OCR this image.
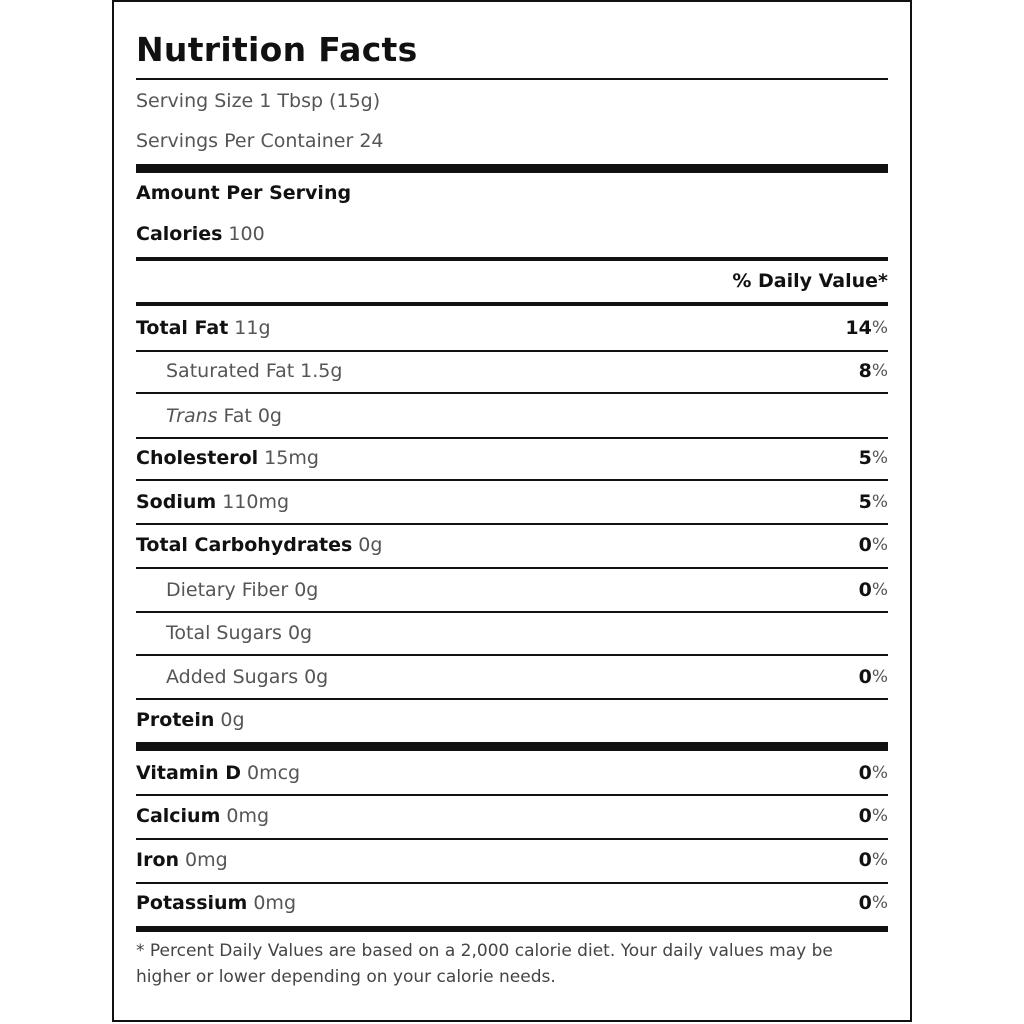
Nutrition Facts
Serving Size 1 Tbsp (15g)
Servings Per Container 24
Amount Per Serving
Calories 100
% Daily Value*
Total Fat 11g	14 %
Saturated Fat 1.5g	8 %
Trans Fat 0g
Cholesterol 15mg	5 %
Sodium 110mg	5 %
Total Carbohydrates 0g	0 %
Dietary Fiber 0g	0 %
Total Sugars 0g
Added Sugars 0g	0 %
Protein 0g
Vitamin D 0mcg	0 %
Calcium 0mg	0 %
Iron 0mg	0 %
Potassium 0mg	0 %
* Percent Daily Values are based on a 2,000 calorie diet. Your daily values may be higher or lower depending on your calorie needs.
